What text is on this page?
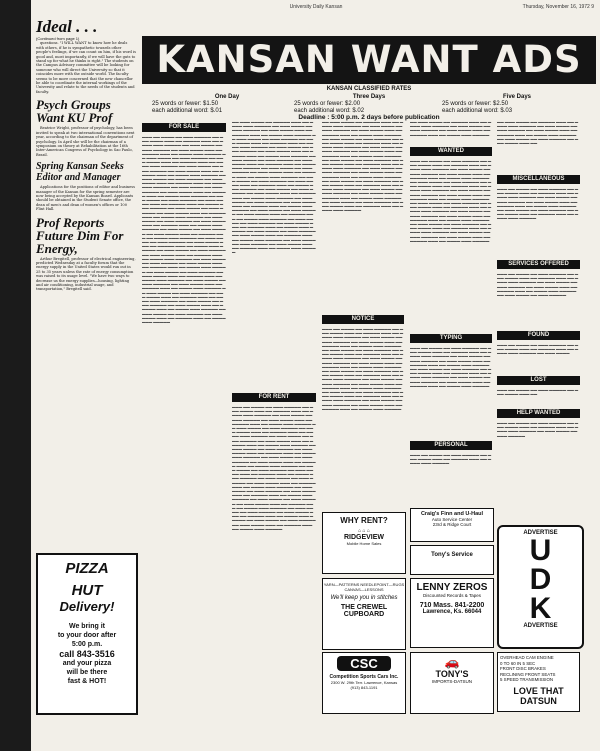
University Daily Kansan	Thursday, November 16, 1972 9
Ideal . . .
(Continued from page 1)

questions. "I WILL WANT to know how he deals with others, if he is sympathetic towards other people's feelings, if we can count on him, if his word is good and, most importantly, if we will have the guts to stand up for what he thinks is right." The students on the Campus Advisory committee will be looking for someone who will direct the University so that it coincides more with the outside world. The faculty seems to be more concerned that the new chancellor be able to coordinate the internal workings of the University and relate to the needs of the students and faculty.

Psych Groups Want KU Prof

Beatrice Wright, professor of psychology, has been invited to speak at two international conventions next year, according to the chairman of the department of psychology. In April she will be the chairman of a symposium on theory at Rehabilitation at the 16th Inter-American Congress of Psychology in Sao Paulo, Brazil.

Spring Kansan Seeks Editor and Manager

Applications for the positions of editor and business manager of the Kansan for the spring semester are now being accepted by the Kansan Board. Applicants should be obtained in the Student Senate office, the dean of men's and dean of women's offices or 100 Flint Hall.

Prof Reports Future Dim For Energy,

Arthur Bregitell, professor of electrical engineering, predicted Wednesday at a faculty forum that the energy supply in the United States would run out in 25 to 35 years unless the rate of energy consumption was raised to its usage level. "We have two ways to decrease us the energy supplies—housing, lighting and air conditioning, industrial usage, and transportation," Bregitell said.

PIZZA
HUT
Delivery!
We bring it
to your door after
5:00 p.m.
call 843-3516
and your pizza
will be there
fast & HOT!
KANSAN WANT ADS
KANSAN CLASSIFIED RATES
One Day
25 words or fewer: $1.50
each additional word: $.01
Three Days
25 words or fewer: $2.00
each additional word: $.02
Five Days
25 words or fewer: $2.50
each additional word: $.03
Deadline : 5:00 p.m. 2 days before publication
FOR SALE
▬▬▬ ▬▬ ▬▬▬▬ ▬▬ ▬▬▬ ▬▬▬▬▬ ▬▬ ▬▬▬ ▬▬▬▬ ▬▬▬ ▬▬ ▬▬▬▬▬ ▬▬▬ ▬▬ ▬▬▬▬ ▬▬▬ ▬▬▬▬▬ ▬▬ ▬▬▬ ▬▬▬▬ ▬▬ ▬▬▬ ▬▬▬▬▬ ▬▬ ▬▬▬ ▬▬▬▬ ▬▬▬ ▬▬ ▬▬▬▬▬ ▬▬▬ ▬▬ ▬▬▬▬ ▬▬▬ ▬▬▬▬▬ ▬▬ ▬▬▬ ▬▬▬▬ ▬▬ ▬▬▬ ▬▬▬▬▬ ▬▬ ▬▬▬ ▬▬▬▬ ▬▬▬ ▬▬ ▬▬▬▬▬ ▬▬▬ ▬▬ ▬▬▬▬ ▬▬▬ ▬▬▬▬▬ ▬▬ ▬▬▬ ▬▬▬▬ ▬▬ ▬▬▬ ▬▬▬▬▬ ▬▬ ▬▬▬ ▬▬▬▬ ▬▬▬ ▬▬ ▬▬▬▬▬ ▬▬▬ ▬▬ ▬▬▬▬ ▬▬▬ ▬▬▬▬▬ ▬▬ ▬▬▬ ▬▬▬▬ ▬▬ ▬▬▬ ▬▬▬▬▬ ▬▬ ▬▬▬ ▬▬▬▬ ▬▬▬ ▬▬ ▬▬▬▬▬ ▬▬▬ ▬▬ ▬▬▬▬ ▬▬▬ ▬▬▬▬▬ ▬▬ ▬▬▬ ▬▬▬▬ ▬▬ ▬▬▬ ▬▬▬▬▬ ▬▬ ▬▬▬ ▬▬▬▬ ▬▬▬ ▬▬ ▬▬▬▬▬ ▬▬▬ ▬▬ ▬▬▬▬ ▬▬▬ ▬▬▬▬▬ ▬▬ ▬▬▬ ▬▬▬▬ ▬▬ ▬▬▬ ▬▬▬▬▬ ▬▬ ▬▬▬ ▬▬▬▬ ▬▬▬ ▬▬ ▬▬▬▬▬ ▬▬▬ ▬▬ ▬▬▬▬ ▬▬▬ ▬▬▬▬▬ ▬▬ ▬▬▬ ▬▬▬▬ ▬▬ ▬▬▬ ▬▬▬▬▬ ▬▬ ▬▬▬ ▬▬▬▬ ▬▬▬ ▬▬ ▬▬▬▬▬ ▬▬▬ ▬▬ ▬▬▬▬ ▬▬▬ ▬▬▬▬▬ ▬▬ ▬▬▬ ▬▬▬▬ ▬▬ ▬▬▬ ▬▬▬▬▬ ▬▬ ▬▬▬ ▬▬▬▬ ▬▬▬ ▬▬ ▬▬▬▬▬ ▬▬▬ ▬▬ ▬▬▬▬ ▬▬▬ ▬▬▬▬▬ ▬▬ ▬▬▬ ▬▬▬▬ ▬▬ ▬▬▬ ▬▬▬▬▬ ▬▬ ▬▬▬ ▬▬▬▬ ▬▬▬ ▬▬ ▬▬▬▬▬ ▬▬▬ ▬▬ ▬▬▬▬ ▬▬▬ ▬▬▬▬▬ ▬▬ ▬▬▬ ▬▬▬▬ ▬▬ ▬▬▬ ▬▬▬▬▬ ▬▬ ▬▬▬ ▬▬▬▬ ▬▬▬ ▬▬ ▬▬▬▬▬ ▬▬▬ ▬▬ ▬▬▬▬ ▬▬▬ ▬▬▬▬▬ ▬▬ ▬▬▬ ▬▬▬▬ ▬▬ ▬▬▬ ▬▬▬▬▬ ▬▬ ▬▬▬ ▬▬▬▬ ▬▬▬ ▬▬ ▬▬▬▬▬ ▬▬▬ ▬▬ ▬▬▬▬ ▬▬▬ ▬▬▬▬▬ ▬▬ ▬▬▬ ▬▬▬▬ ▬▬ ▬▬▬ ▬▬▬▬▬ ▬▬ ▬▬▬ ▬▬▬▬ ▬▬▬ ▬▬ ▬▬▬▬▬ ▬▬▬ ▬▬ ▬▬▬▬ ▬▬▬ ▬▬▬▬▬ ▬▬ ▬▬▬ ▬▬▬▬ ▬▬ ▬▬▬ ▬▬▬▬▬ ▬▬ ▬▬▬ ▬▬▬▬ ▬▬▬ ▬▬ ▬▬▬▬▬ ▬▬▬ ▬▬ ▬▬▬▬ ▬▬▬ ▬▬▬▬▬ ▬▬ ▬▬▬ ▬▬▬▬ ▬▬ ▬▬▬ ▬▬▬▬▬ ▬▬ ▬▬▬ ▬▬▬▬ ▬▬▬ ▬▬ ▬▬▬▬▬ ▬▬▬ ▬▬ ▬▬▬▬ ▬▬▬ ▬▬▬▬▬ ▬▬ ▬▬▬ ▬▬▬▬ ▬▬ ▬▬▬ ▬▬▬▬▬ ▬▬ ▬▬▬ ▬▬▬▬ ▬▬▬ ▬▬ ▬▬▬▬▬ ▬▬▬ ▬▬ ▬▬▬▬ ▬▬▬ ▬▬▬▬▬ ▬▬ ▬▬▬ ▬▬▬▬ ▬▬ ▬▬▬ ▬▬▬▬▬ ▬▬ ▬▬▬ ▬▬▬▬ ▬▬▬ ▬▬ ▬▬▬▬▬ ▬▬▬ ▬▬ ▬▬▬▬ ▬▬▬ ▬▬▬▬▬ ▬▬ ▬▬▬ ▬▬▬▬ ▬▬ ▬▬▬ ▬▬▬▬▬ ▬▬ ▬▬▬ ▬▬▬▬ ▬▬▬ ▬▬ ▬▬▬▬▬ ▬▬▬ ▬▬ ▬▬▬▬ ▬▬▬ ▬▬▬▬▬
▬▬ ▬▬▬ ▬▬▬▬ ▬▬ ▬▬▬▬▬ ▬▬▬ ▬▬ ▬▬▬▬ ▬▬▬ ▬▬▬▬▬ ▬▬ ▬▬▬ ▬▬▬▬ ▬▬ ▬▬▬ ▬▬▬▬▬ ▬▬ ▬▬▬ ▬▬▬▬ ▬▬▬ ▬▬ ▬▬▬▬▬ ▬▬▬ ▬▬ ▬▬▬▬ ▬▬▬ ▬▬▬▬▬ ▬▬ ▬▬▬ ▬▬▬▬ ▬▬ ▬▬▬ ▬▬▬▬▬ ▬▬ ▬▬▬ ▬▬▬▬ ▬▬▬ ▬▬ ▬▬▬▬▬ ▬▬▬ ▬▬ ▬▬▬▬ ▬▬▬ ▬▬▬▬▬ ▬▬ ▬▬▬ ▬▬▬▬ ▬▬ ▬▬▬ ▬▬▬▬▬ ▬▬ ▬▬▬ ▬▬▬▬ ▬▬▬ ▬▬ ▬▬▬▬▬ ▬▬▬ ▬▬ ▬▬▬▬ ▬▬▬ ▬▬▬▬▬ ▬▬ ▬▬▬ ▬▬▬▬ ▬▬ ▬▬▬ ▬▬▬▬▬ ▬▬ ▬▬▬ ▬▬▬▬ ▬▬▬ ▬▬ ▬▬▬▬▬ ▬▬▬ ▬▬ ▬▬▬▬ ▬▬▬ ▬▬▬▬▬ ▬▬ ▬▬▬ ▬▬▬▬ ▬▬ ▬▬▬ ▬▬▬▬▬ ▬▬ ▬▬▬ ▬▬▬▬ ▬▬▬ ▬▬ ▬▬▬▬▬ ▬▬▬ ▬▬ ▬▬▬▬ ▬▬▬ ▬▬▬▬▬ ▬▬ ▬▬▬ ▬▬▬▬ ▬▬ ▬▬▬ ▬▬▬▬▬ ▬▬ ▬▬▬ ▬▬▬▬ ▬▬▬ ▬▬ ▬▬▬▬▬ ▬▬▬ ▬▬ ▬▬▬▬ ▬▬▬ ▬▬▬▬▬ ▬▬ ▬▬▬ ▬▬▬▬ ▬▬ ▬▬▬ ▬▬▬▬▬ ▬▬ ▬▬▬ ▬▬▬▬ ▬▬▬ ▬▬ ▬▬▬▬▬ ▬▬▬ ▬▬ ▬▬▬▬ ▬▬▬ ▬▬▬▬▬ ▬▬ ▬▬▬ ▬▬▬▬ ▬▬ ▬▬▬ ▬▬▬▬▬ ▬▬ ▬▬▬ ▬▬▬▬ ▬▬▬ ▬▬ ▬▬▬▬▬ ▬▬▬ ▬▬ ▬▬▬▬ ▬▬▬ ▬▬▬▬▬ ▬▬ ▬▬▬ ▬▬▬▬ ▬▬ ▬▬▬ ▬▬▬▬▬ ▬▬ ▬▬▬ ▬▬▬▬ ▬▬▬ ▬▬ ▬▬▬▬▬ ▬▬▬ ▬▬ ▬▬▬▬ ▬▬▬ ▬▬▬▬▬ ▬▬ ▬▬▬ ▬▬▬▬ ▬▬ ▬▬▬ ▬▬▬▬▬ ▬▬ ▬▬▬ ▬▬▬▬ ▬▬▬ ▬▬ ▬▬▬▬▬ ▬▬▬ ▬▬ ▬▬▬▬ ▬▬▬ ▬▬▬▬▬ ▬▬ ▬▬▬ ▬▬▬▬ ▬▬ ▬▬▬ ▬▬▬▬▬ ▬▬ ▬▬▬ ▬▬▬▬ ▬▬▬ ▬▬ ▬▬▬▬▬ ▬▬▬ ▬▬ ▬▬▬▬ ▬▬▬ ▬▬▬▬▬ ▬▬ ▬▬▬ ▬▬▬▬ ▬▬ ▬▬▬ ▬▬▬▬▬ ▬▬ ▬▬▬ ▬▬▬▬ ▬▬▬ ▬▬ ▬▬▬▬▬ ▬▬▬ ▬▬ ▬▬▬▬ ▬▬▬ ▬▬▬▬▬
FOR RENT
▬▬▬ ▬▬ ▬▬▬▬ ▬▬ ▬▬▬ ▬▬▬▬▬ ▬▬ ▬▬▬ ▬▬▬▬ ▬▬▬ ▬▬ ▬▬▬▬▬ ▬▬▬ ▬▬ ▬▬▬▬ ▬▬▬ ▬▬▬▬▬ ▬▬ ▬▬▬ ▬▬▬▬ ▬▬ ▬▬▬ ▬▬▬▬▬ ▬▬ ▬▬▬ ▬▬▬▬ ▬▬▬ ▬▬ ▬▬▬▬▬ ▬▬▬ ▬▬ ▬▬▬▬ ▬▬▬ ▬▬▬▬▬ ▬▬ ▬▬▬ ▬▬▬▬ ▬▬ ▬▬▬ ▬▬▬▬▬ ▬▬ ▬▬▬ ▬▬▬▬ ▬▬▬ ▬▬ ▬▬▬▬▬ ▬▬▬ ▬▬ ▬▬▬▬ ▬▬▬ ▬▬▬▬▬ ▬▬ ▬▬▬ ▬▬▬▬ ▬▬ ▬▬▬ ▬▬▬▬▬ ▬▬ ▬▬▬ ▬▬▬▬ ▬▬▬ ▬▬ ▬▬▬▬▬ ▬▬▬ ▬▬ ▬▬▬▬ ▬▬▬ ▬▬▬▬▬ ▬▬ ▬▬▬ ▬▬▬▬ ▬▬ ▬▬▬ ▬▬▬▬▬ ▬▬ ▬▬▬ ▬▬▬▬ ▬▬▬ ▬▬ ▬▬▬▬▬ ▬▬▬ ▬▬ ▬▬▬▬ ▬▬▬ ▬▬▬▬▬ ▬▬ ▬▬▬ ▬▬▬▬ ▬▬ ▬▬▬ ▬▬▬▬▬ ▬▬ ▬▬▬ ▬▬▬▬ ▬▬▬ ▬▬ ▬▬▬▬▬ ▬▬▬ ▬▬ ▬▬▬▬ ▬▬▬ ▬▬▬▬▬ ▬▬ ▬▬▬ ▬▬▬▬ ▬▬ ▬▬▬ ▬▬▬▬▬ ▬▬ ▬▬▬ ▬▬▬▬ ▬▬▬ ▬▬ ▬▬▬▬▬ ▬▬▬ ▬▬ ▬▬▬▬ ▬▬▬ ▬▬▬▬▬ ▬▬ ▬▬▬ ▬▬▬▬ ▬▬ ▬▬▬ ▬▬▬▬▬ ▬▬ ▬▬▬ ▬▬▬▬ ▬▬▬ ▬▬ ▬▬▬▬▬ ▬▬▬ ▬▬ ▬▬▬▬ ▬▬▬ ▬▬▬▬▬ ▬▬ ▬▬▬ ▬▬▬▬ ▬▬ ▬▬▬ ▬▬▬▬▬ ▬▬ ▬▬▬ ▬▬▬▬ ▬▬▬ ▬▬ ▬▬▬▬▬ ▬▬▬ ▬▬ ▬▬▬▬ ▬▬▬ ▬▬▬▬▬ ▬▬ ▬▬▬ ▬▬▬▬ ▬▬ ▬▬▬ ▬▬▬▬▬ ▬▬ ▬▬▬ ▬▬▬▬ ▬▬▬ ▬▬ ▬▬▬▬▬ ▬▬▬ ▬▬ ▬▬▬▬ ▬▬▬ ▬▬▬▬▬ ▬▬ ▬▬▬ ▬▬▬▬ ▬▬ ▬▬▬ ▬▬▬▬▬ ▬▬ ▬▬▬ ▬▬▬▬ ▬▬▬ ▬▬ ▬▬▬▬▬ ▬▬▬ ▬▬ ▬▬▬▬ ▬▬▬ ▬▬▬▬▬ ▬▬ ▬▬▬ ▬▬▬▬ ▬▬ ▬▬▬ ▬▬▬▬▬ ▬▬ ▬▬▬ ▬▬▬▬ ▬▬▬ ▬▬ ▬▬▬▬▬ ▬▬▬ ▬▬ ▬▬▬▬ ▬▬▬ ▬▬▬▬▬
▬▬ ▬▬▬ ▬▬▬▬ ▬▬ ▬▬▬▬▬ ▬▬▬ ▬▬ ▬▬▬▬ ▬▬▬ ▬▬▬▬▬ ▬▬ ▬▬▬ ▬▬▬▬ ▬▬ ▬▬▬ ▬▬▬▬▬ ▬▬ ▬▬▬ ▬▬▬▬ ▬▬▬ ▬▬ ▬▬▬▬▬ ▬▬▬ ▬▬ ▬▬▬▬ ▬▬▬ ▬▬▬▬▬ ▬▬ ▬▬▬ ▬▬▬▬ ▬▬ ▬▬▬ ▬▬▬▬▬ ▬▬ ▬▬▬ ▬▬▬▬ ▬▬▬ ▬▬ ▬▬▬▬▬ ▬▬▬ ▬▬ ▬▬▬▬ ▬▬▬ ▬▬▬▬▬ ▬▬ ▬▬▬ ▬▬▬▬ ▬▬ ▬▬▬ ▬▬▬▬▬ ▬▬ ▬▬▬ ▬▬▬▬ ▬▬▬ ▬▬ ▬▬▬▬▬ ▬▬▬ ▬▬ ▬▬▬▬ ▬▬▬ ▬▬▬▬▬ ▬▬ ▬▬▬ ▬▬▬▬ ▬▬ ▬▬▬ ▬▬▬▬▬ ▬▬ ▬▬▬ ▬▬▬▬ ▬▬▬ ▬▬ ▬▬▬▬▬ ▬▬▬ ▬▬ ▬▬▬▬ ▬▬▬ ▬▬▬▬▬ ▬▬ ▬▬▬ ▬▬▬▬ ▬▬ ▬▬▬ ▬▬▬▬▬ ▬▬ ▬▬▬ ▬▬▬▬ ▬▬▬ ▬▬ ▬▬▬▬▬ ▬▬▬ ▬▬ ▬▬▬▬ ▬▬▬ ▬▬▬▬▬ ▬▬ ▬▬▬ ▬▬▬▬ ▬▬ ▬▬▬ ▬▬▬▬▬ ▬▬ ▬▬▬ ▬▬▬▬ ▬▬▬ ▬▬ ▬▬▬▬▬ ▬▬▬ ▬▬ ▬▬▬▬ ▬▬▬ ▬▬▬▬▬ ▬▬ ▬▬▬ ▬▬▬▬ ▬▬ ▬▬▬ ▬▬▬▬▬ ▬▬ ▬▬▬ ▬▬▬▬ ▬▬▬ ▬▬ ▬▬▬▬▬ ▬▬▬ ▬▬ ▬▬▬▬ ▬▬▬ ▬▬▬▬▬ ▬▬ ▬▬▬ ▬▬▬▬ ▬▬ ▬▬▬ ▬▬▬▬▬ ▬▬ ▬▬▬ ▬▬▬▬ ▬▬▬ ▬▬ ▬▬▬▬▬ ▬▬▬ ▬▬ ▬▬▬▬ ▬▬▬ ▬▬▬▬▬
NOTICE
▬▬▬ ▬▬ ▬▬▬▬ ▬▬ ▬▬▬ ▬▬▬▬▬ ▬▬ ▬▬▬ ▬▬▬▬ ▬▬▬ ▬▬ ▬▬▬▬▬ ▬▬▬ ▬▬ ▬▬▬▬ ▬▬▬ ▬▬▬▬▬ ▬▬ ▬▬▬ ▬▬▬▬ ▬▬ ▬▬▬ ▬▬▬▬▬ ▬▬ ▬▬▬ ▬▬▬▬ ▬▬▬ ▬▬ ▬▬▬▬▬ ▬▬▬ ▬▬ ▬▬▬▬ ▬▬▬ ▬▬▬▬▬ ▬▬ ▬▬▬ ▬▬▬▬ ▬▬ ▬▬▬ ▬▬▬▬▬ ▬▬ ▬▬▬ ▬▬▬▬ ▬▬▬ ▬▬ ▬▬▬▬▬ ▬▬▬ ▬▬ ▬▬▬▬ ▬▬▬ ▬▬▬▬▬ ▬▬ ▬▬▬ ▬▬▬▬ ▬▬ ▬▬▬ ▬▬▬▬▬ ▬▬ ▬▬▬ ▬▬▬▬ ▬▬▬ ▬▬ ▬▬▬▬▬ ▬▬▬ ▬▬ ▬▬▬▬ ▬▬▬ ▬▬▬▬▬ ▬▬ ▬▬▬ ▬▬▬▬ ▬▬ ▬▬▬ ▬▬▬▬▬ ▬▬ ▬▬▬ ▬▬▬▬ ▬▬▬ ▬▬ ▬▬▬▬▬ ▬▬▬ ▬▬ ▬▬▬▬ ▬▬▬ ▬▬▬▬▬ ▬▬ ▬▬▬ ▬▬▬▬ ▬▬ ▬▬▬ ▬▬▬▬▬ ▬▬ ▬▬▬ ▬▬▬▬ ▬▬▬ ▬▬ ▬▬▬▬▬ ▬▬▬ ▬▬ ▬▬▬▬ ▬▬▬ ▬▬▬▬▬ ▬▬ ▬▬▬ ▬▬▬▬ ▬▬ ▬▬▬ ▬▬▬▬▬ ▬▬ ▬▬▬ ▬▬▬▬ ▬▬▬ ▬▬ ▬▬▬▬▬ ▬▬▬ ▬▬ ▬▬▬▬ ▬▬▬ ▬▬▬▬▬ ▬▬ ▬▬▬ ▬▬▬▬ ▬▬ ▬▬▬ ▬▬▬▬▬ ▬▬ ▬▬▬ ▬▬▬▬ ▬▬▬ ▬▬ ▬▬▬▬▬ ▬▬▬ ▬▬ ▬▬▬▬ ▬▬▬ ▬▬▬▬▬
▬▬ ▬▬▬ ▬▬▬▬ ▬▬ ▬▬▬▬▬ ▬▬▬ ▬▬ ▬▬▬▬ ▬▬▬ ▬▬▬▬▬ ▬▬ ▬▬▬ ▬▬▬▬ ▬▬ ▬▬▬ ▬▬▬▬▬ ▬▬ ▬▬▬ ▬▬▬▬ ▬▬▬ ▬▬ ▬▬▬▬▬ ▬▬▬ ▬▬ ▬▬▬▬ ▬▬▬ ▬▬▬▬▬
WANTED
▬▬▬ ▬▬ ▬▬▬▬ ▬▬ ▬▬▬ ▬▬▬▬▬ ▬▬ ▬▬▬ ▬▬▬▬ ▬▬▬ ▬▬ ▬▬▬▬▬ ▬▬▬ ▬▬ ▬▬▬▬ ▬▬▬ ▬▬▬▬▬ ▬▬ ▬▬▬ ▬▬▬▬ ▬▬ ▬▬▬ ▬▬▬▬▬ ▬▬ ▬▬▬ ▬▬▬▬ ▬▬▬ ▬▬ ▬▬▬▬▬ ▬▬▬ ▬▬ ▬▬▬▬ ▬▬▬ ▬▬▬▬▬ ▬▬ ▬▬▬ ▬▬▬▬ ▬▬ ▬▬▬ ▬▬▬▬▬ ▬▬ ▬▬▬ ▬▬▬▬ ▬▬▬ ▬▬ ▬▬▬▬▬ ▬▬▬ ▬▬ ▬▬▬▬ ▬▬▬ ▬▬▬▬▬ ▬▬ ▬▬▬ ▬▬▬▬ ▬▬ ▬▬▬ ▬▬▬▬▬ ▬▬ ▬▬▬ ▬▬▬▬ ▬▬▬ ▬▬ ▬▬▬▬▬ ▬▬▬ ▬▬ ▬▬▬▬ ▬▬▬ ▬▬▬▬▬ ▬▬ ▬▬▬ ▬▬▬▬ ▬▬ ▬▬▬ ▬▬▬▬▬ ▬▬ ▬▬▬ ▬▬▬▬ ▬▬▬ ▬▬ ▬▬▬▬▬ ▬▬▬ ▬▬ ▬▬▬▬ ▬▬▬ ▬▬▬▬▬ ▬▬ ▬▬▬ ▬▬▬▬ ▬▬ ▬▬▬ ▬▬▬▬▬ ▬▬ ▬▬▬ ▬▬▬▬ ▬▬▬ ▬▬ ▬▬▬▬▬ ▬▬▬ ▬▬ ▬▬▬▬ ▬▬▬ ▬▬▬▬▬ ▬▬ ▬▬▬ ▬▬▬▬ ▬▬ ▬▬▬ ▬▬▬▬▬ ▬▬ ▬▬▬ ▬▬▬▬ ▬▬▬ ▬▬ ▬▬▬▬▬ ▬▬▬ ▬▬ ▬▬▬▬ ▬▬▬ ▬▬▬▬▬ ▬▬ ▬▬▬ ▬▬▬▬ ▬▬ ▬▬▬ ▬▬▬▬▬ ▬▬ ▬▬▬ ▬▬▬▬ ▬▬▬ ▬▬ ▬▬▬▬▬ ▬▬▬ ▬▬ ▬▬▬▬ ▬▬▬ ▬▬▬▬▬
TYPING
▬▬▬ ▬▬ ▬▬▬▬ ▬▬ ▬▬▬ ▬▬▬▬▬ ▬▬ ▬▬▬ ▬▬▬▬ ▬▬▬ ▬▬ ▬▬▬▬▬ ▬▬▬ ▬▬ ▬▬▬▬ ▬▬▬ ▬▬▬▬▬ ▬▬ ▬▬▬ ▬▬▬▬ ▬▬ ▬▬▬ ▬▬▬▬▬ ▬▬ ▬▬▬ ▬▬▬▬ ▬▬▬ ▬▬ ▬▬▬▬▬ ▬▬▬ ▬▬ ▬▬▬▬ ▬▬▬ ▬▬▬▬▬ ▬▬ ▬▬▬ ▬▬▬▬ ▬▬ ▬▬▬ ▬▬▬▬▬ ▬▬ ▬▬▬ ▬▬▬▬ ▬▬▬ ▬▬ ▬▬▬▬▬ ▬▬▬ ▬▬ ▬▬▬▬ ▬▬▬ ▬▬▬▬▬ ▬▬ ▬▬▬ ▬▬▬▬ ▬▬ ▬▬▬ ▬▬▬▬▬ ▬▬ ▬▬▬ ▬▬▬▬ ▬▬▬ ▬▬ ▬▬▬▬▬ ▬▬▬ ▬▬ ▬▬▬▬ ▬▬▬ ▬▬▬▬▬
PERSONAL
▬▬▬ ▬▬ ▬▬▬▬ ▬▬ ▬▬▬ ▬▬▬▬▬ ▬▬ ▬▬▬ ▬▬▬▬ ▬▬▬ ▬▬ ▬▬▬▬▬ ▬▬▬ ▬▬ ▬▬▬▬ ▬▬▬ ▬▬▬▬▬
▬▬ ▬▬▬ ▬▬▬▬ ▬▬ ▬▬▬▬▬ ▬▬▬ ▬▬ ▬▬▬▬ ▬▬▬ ▬▬▬▬▬ ▬▬ ▬▬▬ ▬▬▬▬ ▬▬ ▬▬▬ ▬▬▬▬▬ ▬▬ ▬▬▬ ▬▬▬▬ ▬▬▬ ▬▬ ▬▬▬▬▬ ▬▬▬ ▬▬ ▬▬▬▬ ▬▬▬ ▬▬▬▬▬ ▬▬ ▬▬▬ ▬▬▬▬ ▬▬ ▬▬▬ ▬▬▬▬▬ ▬▬ ▬▬▬ ▬▬▬▬ ▬▬▬ ▬▬
MISCELLANEOUS
▬▬▬ ▬▬ ▬▬▬▬ ▬▬ ▬▬▬ ▬▬▬▬▬ ▬▬ ▬▬▬ ▬▬▬▬ ▬▬▬ ▬▬ ▬▬▬▬▬ ▬▬▬ ▬▬ ▬▬▬▬ ▬▬▬ ▬▬▬▬▬ ▬▬ ▬▬▬ ▬▬▬▬ ▬▬ ▬▬▬ ▬▬▬▬▬ ▬▬ ▬▬▬ ▬▬▬▬ ▬▬▬ ▬▬ ▬▬▬▬▬ ▬▬▬ ▬▬ ▬▬▬▬ ▬▬▬ ▬▬▬▬▬ ▬▬ ▬▬▬ ▬▬▬▬ ▬▬ ▬▬▬ ▬▬▬▬▬ ▬▬ ▬▬▬ ▬▬▬▬ ▬▬▬ ▬▬ ▬▬▬▬▬ ▬▬▬ ▬▬ ▬▬▬▬ ▬▬▬ ▬▬▬▬▬
SERVICES OFFERED
▬▬▬ ▬▬ ▬▬▬▬ ▬▬ ▬▬▬ ▬▬▬▬▬ ▬▬ ▬▬▬ ▬▬▬▬ ▬▬▬ ▬▬ ▬▬▬▬▬ ▬▬▬ ▬▬ ▬▬▬▬ ▬▬▬ ▬▬▬▬▬ ▬▬ ▬▬▬ ▬▬▬▬ ▬▬ ▬▬▬ ▬▬▬▬▬ ▬▬ ▬▬▬ ▬▬▬▬ ▬▬▬ ▬▬ ▬▬▬▬▬ ▬▬▬ ▬▬ ▬▬▬▬ ▬▬▬ ▬▬▬▬▬ ▬▬ ▬▬▬ ▬▬▬▬ ▬▬ ▬▬▬ ▬▬▬▬▬
FOUND
▬▬▬ ▬▬ ▬▬▬▬ ▬▬ ▬▬▬ ▬▬▬▬▬ ▬▬ ▬▬▬ ▬▬▬▬ ▬▬▬ ▬▬ ▬▬▬▬▬ ▬▬▬ ▬▬ ▬▬▬▬ ▬▬▬ ▬▬▬▬▬ ▬▬ ▬▬▬ ▬▬▬▬
LOST
▬▬▬ ▬▬ ▬▬▬▬ ▬▬ ▬▬▬ ▬▬▬▬▬ ▬▬ ▬▬▬ ▬▬▬▬ ▬▬▬ ▬▬
HELP WANTED
▬▬▬ ▬▬ ▬▬▬▬ ▬▬ ▬▬▬ ▬▬▬▬▬ ▬▬ ▬▬▬ ▬▬▬▬ ▬▬▬ ▬▬ ▬▬▬▬▬ ▬▬▬ ▬▬ ▬▬▬▬ ▬▬▬ ▬▬▬▬▬ ▬▬ ▬▬▬ ▬▬▬▬ ▬▬ ▬▬▬ ▬▬▬▬▬
WHY RENT?
⌂ ⌂ ⌂
RIDGEVIEW
Mobile Home Sales
YARN—PATTERNS NEEDLEPOINT—RUGS CANVAS—LESSONS
We'll keep you in stitches
THE CREWEL CUPBOARD
CSC
Competition Sports Cars Inc.
2300 W. 29th Terr. Lawrence, Kansas
(913) 843-1191
Craig's Finn and U-Haul
Auto Service Center
23rd & Ridge Court
Tony's Service
LENNY ZEROS
Discounted Records & Tapes
710 Mass. 841-2200
Lawrence, Ks. 66044
🚗
TONY'S
IMPORTS-DATSUN
ADVERTISE
U
D
K
ADVERTISE
OVERHEAD CAM ENGINE
0 TO 60 IN 5 SEC
FRONT DISC BRAKES
RECLINING FRONT SEATS
5 SPEED TRANSMISSION
LOVE THAT DATSUN
